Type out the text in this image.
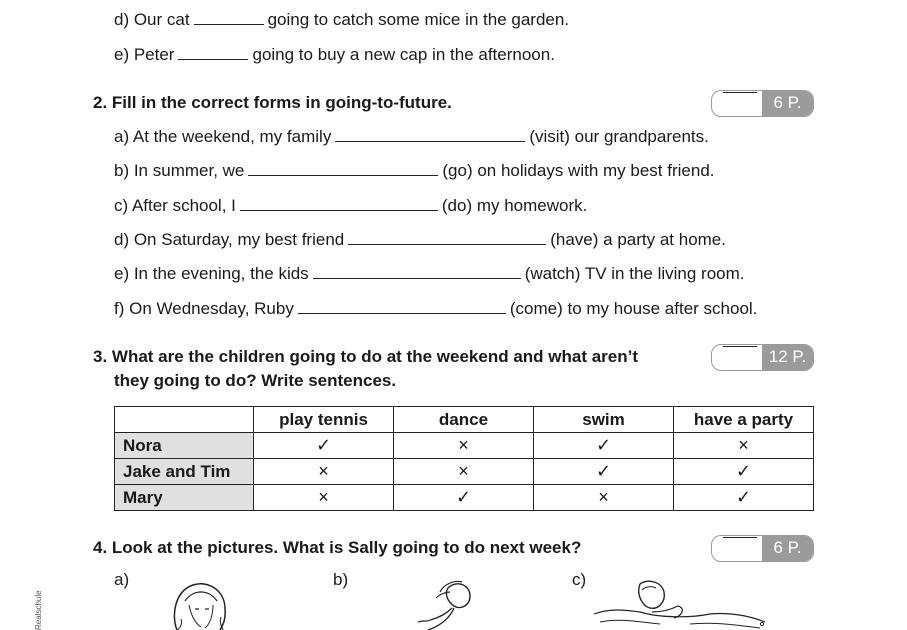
d) Our cat	going to catch some mice in the garden.
e) Peter	going to buy a new cap in the afternoon.
2. Fill in the correct forms in going-to-future.	6 P.
a) At the weekend, my family	(visit) our grandparents.
b) In summer, we	(go) on holidays with my best friend.
c) After school, I	(do) my homework.
d) On Saturday, my best friend	(have) a party at home.
e) In the evening, the kids	(watch) TV in the living room.
f) On Wednesday, Ruby	(come) to my house after school.
3. What are the children going to do at the weekend and what aren’t
they going to do? Write sentences.
12 P.
	play tennis	dance	swim	have a party
Nora	✓	×	✓	×
Jake and Tim	×	×	✓	✓
Mary	×	✓	×	✓
4. Look at the pictures. What is Sally going to do next week?	6 P.
a)	b)	c)
Realschule
